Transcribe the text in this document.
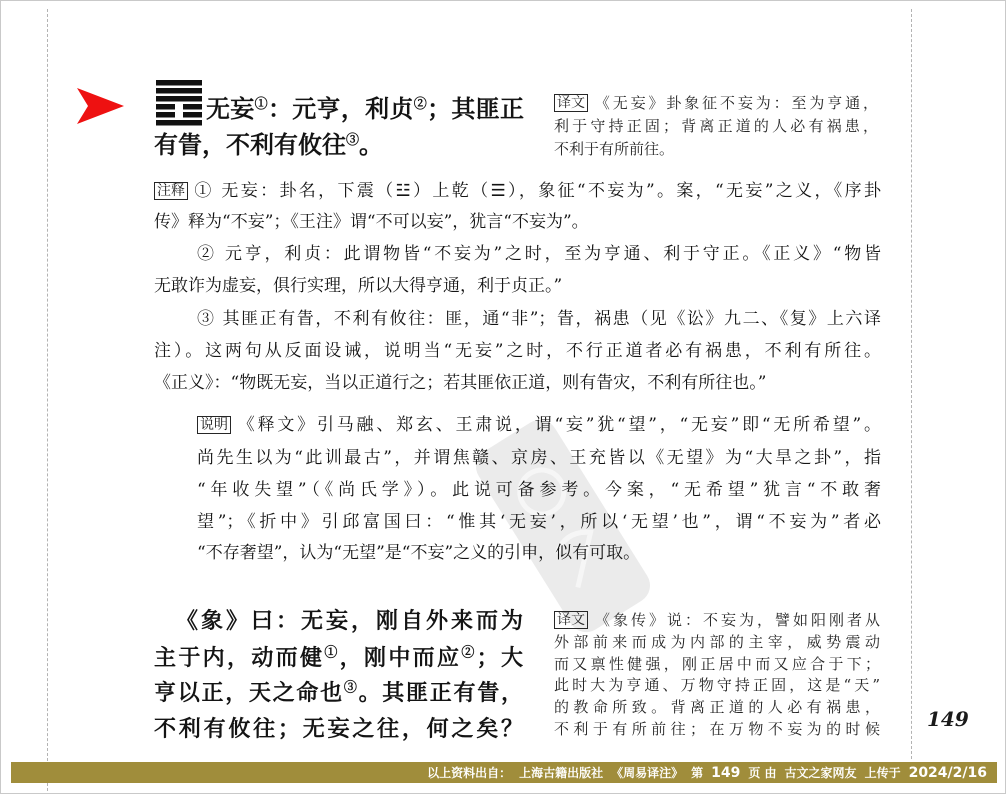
无妄①：元亨，利贞②；其匪正
有眚，不利有攸往③。
译文 《无妄》卦象征不妄为：至为亨通，
利于守持正固；背离正道的人必有祸患，
不利于有所前往。
注释 ① 无妄：卦名，下震（☳）上乾（☰），象征“不妄为”。案，“无妄”之义，《序卦
传》释为“不妄”；《王注》谓“不可以妄”，犹言“不妄为”。
② 元亨，利贞：此谓物皆“不妄为”之时，至为亨通、利于守正。《正义》“物皆
无敢诈为虚妄，俱行实理，所以大得亨通，利于贞正。”
③ 其匪正有眚，不利有攸往：匪，通“非”；眚，祸患（见《讼》九二、《复》上六译
注）。这两句从反面设诫，说明当“无妄”之时，不行正道者必有祸患，不利有所往。
《正义》：“物既无妄，当以正道行之；若其匪依正道，则有眚灾，不利有所往也。”
说明 《释文》引马融、郑玄、王肃说，谓“妄”犹“望”，“无妄”即“无所希望”。
尚先生以为“此训最古”，并谓焦赣、京房、王充皆以《无望》为“大旱之卦”，指
“年收失望”（《尚氏学》）。此说可备参考。今案，“无希望”犹言“不敢奢
望”；《折中》引邱富国曰：“惟其‘无妄’，所以‘无望’也”，谓“不妄为”者必
“不存奢望”，认为“无望”是“不妄”之义的引申，似有可取。
《象》曰：无妄，刚自外来而为
主于内，动而健①，刚中而应②；大
亨以正，天之命也③。其匪正有眚，
不利有攸往；无妄之往，何之矣？
译文 《象传》说：不妄为，譬如阳刚者从
外部前来而成为内部的主宰，威势震动
而又禀性健强，刚正居中而又应合于下；
此时大为亨通、万物守持正固，这是“天”
的教命所致。背离正道的人必有祸患，
不利于有所前往；在万物不妄为的时候 149
以上资料出自： 上海古籍出版社 《周易译注》 第 149 页 由 古文之家网友 上传于 2024/2/16
